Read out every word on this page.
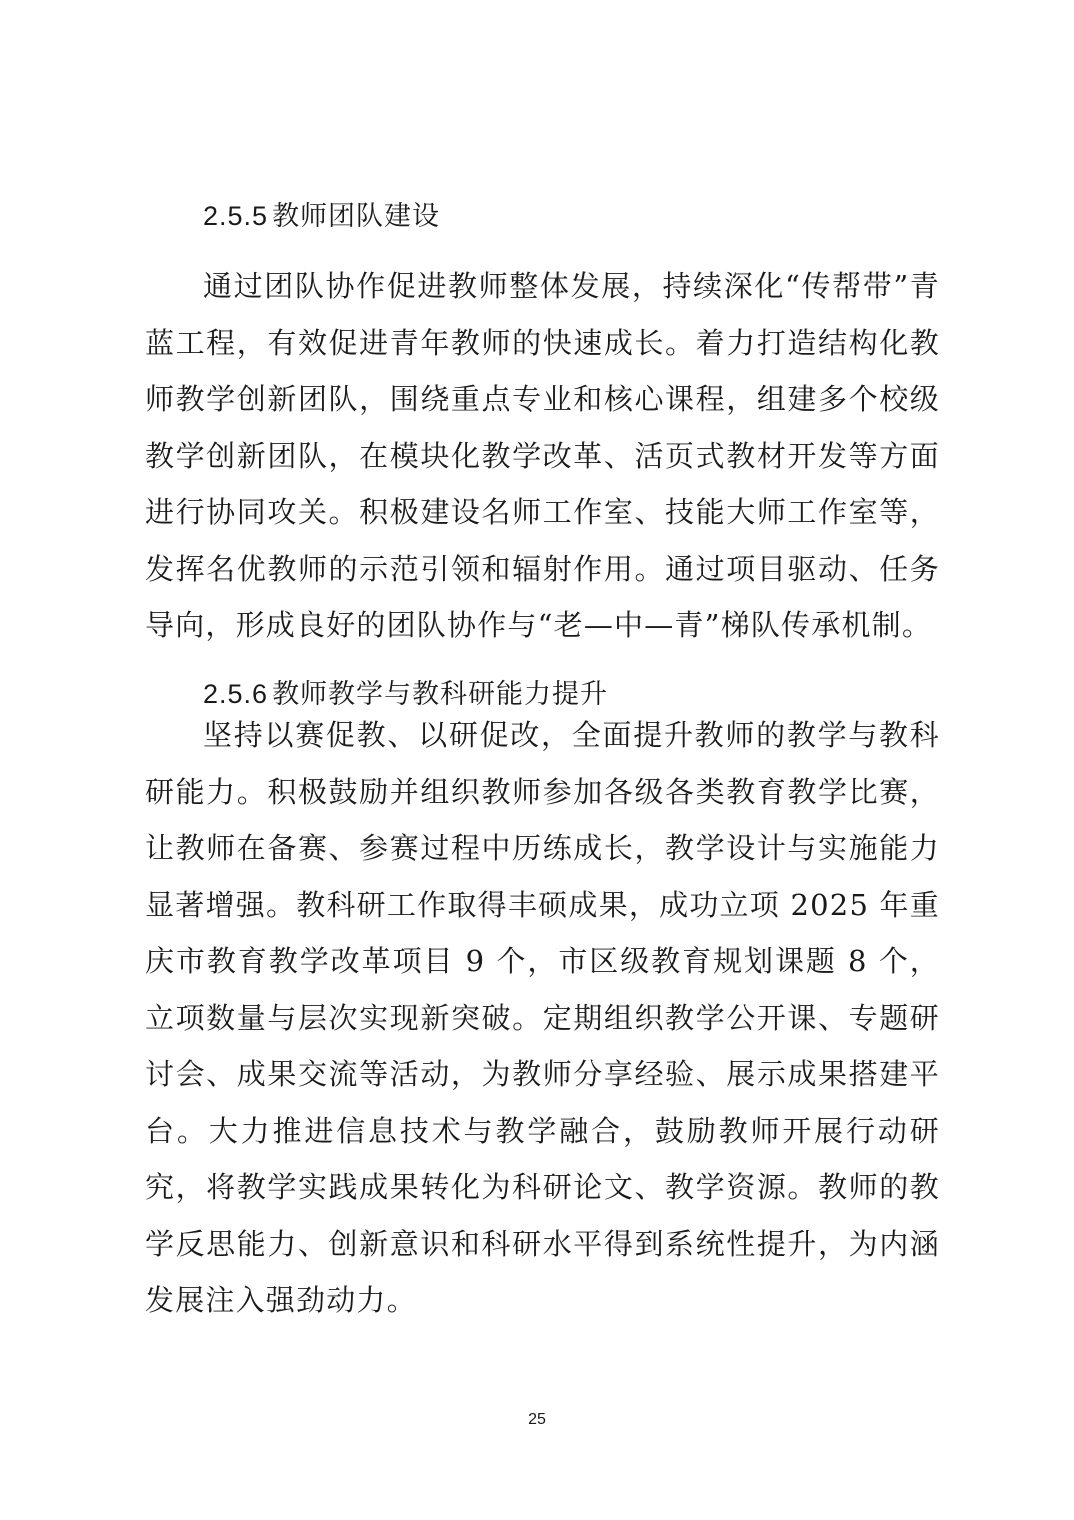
2.5.5 教师团队建设

通过团队协作促进教师整体发展，持续深化“传帮带”青蓝工程，有效促进青年教师的快速成长。着力打造结构化教师教学创新团队，围绕重点专业和核心课程，组建多个校级教学创新团队，在模块化教学改革、活页式教材开发等方面进行协同攻关。积极建设名师工作室、技能大师工作室等，发挥名优教师的示范引领和辐射作用。通过项目驱动、任务导向，形成良好的团队协作与“老—中—青”梯队传承机制。

2.5.6 教师教学与教科研能力提升

坚持以赛促教、以研促改，全面提升教师的教学与教科研能力。积极鼓励并组织教师参加各级各类教育教学比赛，让教师在备赛、参赛过程中历练成长，教学设计与实施能力显著增强。教科研工作取得丰硕成果，成功立项 2025 年重庆市教育教学改革项目 9 个，市区级教育规划课题 8 个，立项数量与层次实现新突破。定期组织教学公开课、专题研讨会、成果交流等活动，为教师分享经验、展示成果搭建平台。大力推进信息技术与教学融合，鼓励教师开展行动研究，将教学实践成果转化为科研论文、教学资源。教师的教学反思能力、创新意识和科研水平得到系统性提升，为内涵发展注入强劲动力。

25
